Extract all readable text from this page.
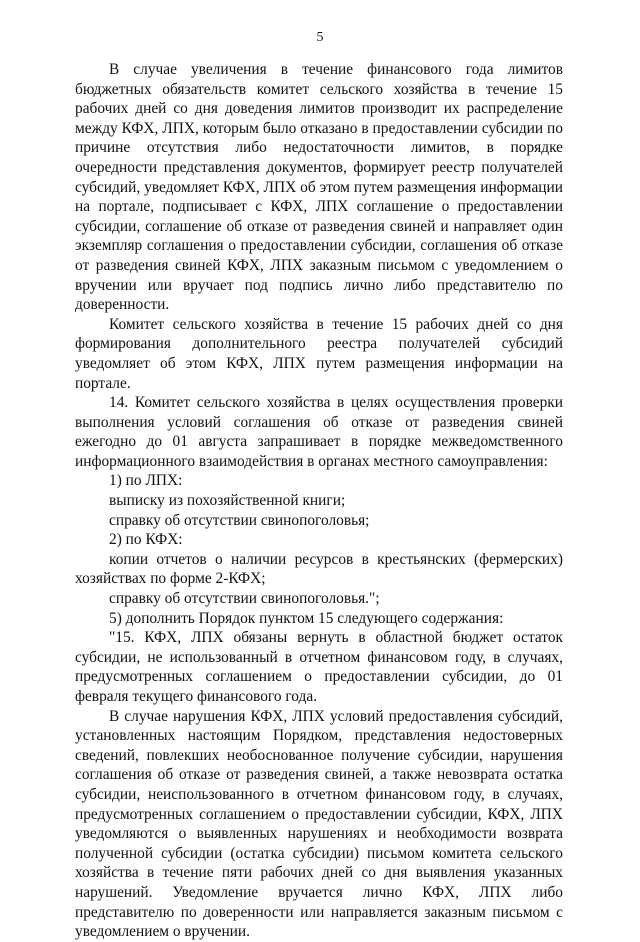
5

В случае увеличения в течение финансового года лимитов бюджетных обязательств комитет сельского хозяйства в течение 15 рабочих дней со дня доведения лимитов производит их распределение между КФХ, ЛПХ, которым было отказано в предоставлении субсидии по причине отсутствия либо недостаточности лимитов, в порядке очередности представления документов, формирует реестр получателей субсидий, уведомляет КФХ, ЛПХ об этом путем размещения информации на портале, подписывает с КФХ, ЛПХ соглашение о предоставлении субсидии, соглашение об отказе от разведения свиней и направляет один экземпляр соглашения о предоставлении субсидии, соглашения об отказе от разведения свиней КФХ, ЛПХ заказным письмом с уведомлением о вручении или вручает под подпись лично либо представителю по доверенности.

Комитет сельского хозяйства в течение 15 рабочих дней со дня формирования дополнительного реестра получателей субсидий уведомляет об этом КФХ, ЛПХ путем размещения информации на портале.

14. Комитет сельского хозяйства в целях осуществления проверки выполнения условий соглашения об отказе от разведения свиней ежегодно до 01 августа запрашивает в порядке межведомственного информационного взаимодействия в органах местного самоуправления:

1) по ЛПХ:

выписку из похозяйственной книги;

справку об отсутствии свинопоголовья;

2) по КФХ:

копии отчетов о наличии ресурсов в крестьянских (фермерских) хозяйствах по форме 2-КФХ;

справку об отсутствии свинопоголовья.";

5) дополнить Порядок пунктом 15 следующего содержания:

"15. КФХ, ЛПХ обязаны вернуть в областной бюджет остаток субсидии, не использованный в отчетном финансовом году, в случаях, предусмотренных соглашением о предоставлении субсидии, до 01 февраля текущего финансового года.

В случае нарушения КФХ, ЛПХ условий предоставления субсидий, установленных настоящим Порядком, представления недостоверных сведений, повлекших необоснованное получение субсидии, нарушения соглашения об отказе от разведения свиней, а также невозврата остатка субсидии, неиспользованного в отчетном финансовом году, в случаях, предусмотренных соглашением о предоставлении субсидии, КФХ, ЛПХ уведомляются о выявленных нарушениях и необходимости возврата полученной субсидии (остатка субсидии) письмом комитета сельского хозяйства в течение пяти рабочих дней со дня выявления указанных нарушений. Уведомление вручается лично КФХ, ЛПХ либо представителю по доверенности или направляется заказным письмом с уведомлением о вручении.
